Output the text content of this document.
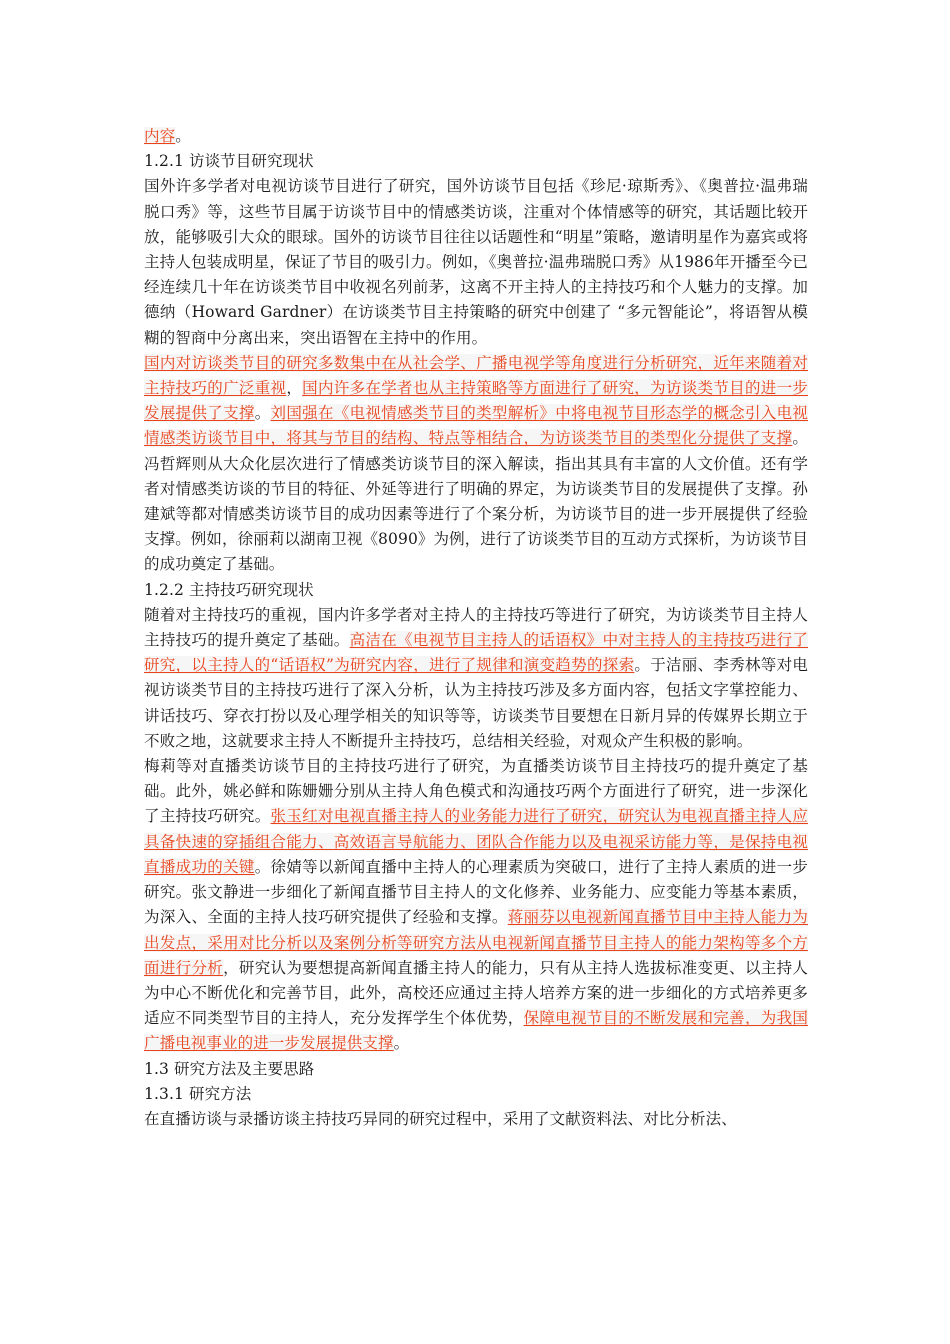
内容。

1.2.1 访谈节目研究现状

国外许多学者对电视访谈节目进行了研究，国外访谈节目包括《珍尼·琼斯秀》、《奥普拉·温弗瑞脱口秀》等，这些节目属于访谈节目中的情感类访谈，注重对个体情感等的研究，其话题比较开放，能够吸引大众的眼球。国外的访谈节目往往以话题性和“明星”策略，邀请明星作为嘉宾或将主持人包装成明星，保证了节目的吸引力。例如，《奥普拉·温弗瑞脱口秀》从1986年开播至今已经连续几十年在访谈类节目中收视名列前茅，这离不开主持人的主持技巧和个人魅力的支撑。加德纳（Howard Gardner）在访谈类节目主持策略的研究中创建了 “多元智能论”，将语智从模糊的智商中分离出来，突出语智在主持中的作用。

国内对访谈类节目的研究多数集中在从社会学、广播电视学等角度进行分析研究，近年来随着对主持技巧的广泛重视，国内许多在学者也从主持策略等方面进行了研究，为访谈类节目的进一步发展提供了支撑。刘国强在《电视情感类节目的类型解析》中将电视节目形态学的概念引入电视情感类访谈节目中，将其与节目的结构、特点等相结合，为访谈类节目的类型化分提供了支撑。冯哲辉则从大众化层次进行了情感类访谈节目的深入解读，指出其具有丰富的人文价值。还有学者对情感类访谈的节目的特征、外延等进行了明确的界定，为访谈类节目的发展提供了支撑。孙建斌等都对情感类访谈节目的成功因素等进行了个案分析，为访谈节目的进一步开展提供了经验支撑。例如，徐丽莉以湖南卫视《8090》为例，进行了访谈类节目的互动方式探析，为访谈节目的成功奠定了基础。

1.2.2 主持技巧研究现状

随着对主持技巧的重视，国内许多学者对主持人的主持技巧等进行了研究，为访谈类节目主持人主持技巧的提升奠定了基础。高洁在《电视节目主持人的话语权》中对主持人的主持技巧进行了研究，以主持人的“话语权”为研究内容，进行了规律和演变趋势的探索。于洁丽、李秀林等对电视访谈类节目的主持技巧进行了深入分析，认为主持技巧涉及多方面内容，包括文字掌控能力、讲话技巧、穿衣打扮以及心理学相关的知识等等，访谈类节目要想在日新月异的传媒界长期立于不败之地，这就要求主持人不断提升主持技巧，总结相关经验，对观众产生积极的影响。

梅莉等对直播类访谈节目的主持技巧进行了研究，为直播类访谈节目主持技巧的提升奠定了基础。此外，姚必鲜和陈姗姗分别从主持人角色模式和沟通技巧两个方面进行了研究，进一步深化了主持技巧研究。张玉红对电视直播主持人的业务能力进行了研究，研究认为电视直播主持人应具备快速的穿插组合能力、高效语言导航能力、团队合作能力以及电视采访能力等，是保持电视直播成功的关键。徐婧等以新闻直播中主持人的心理素质为突破口，进行了主持人素质的进一步研究。张文静进一步细化了新闻直播节目主持人的文化修养、业务能力、应变能力等基本素质，为深入、全面的主持人技巧研究提供了经验和支撑。蒋丽芬以电视新闻直播节目中主持人能力为出发点，采用对比分析以及案例分析等研究方法从电视新闻直播节目主持人的能力架构等多个方面进行分析，研究认为要想提高新闻直播主持人的能力，只有从主持人选拔标准变更、以主持人为中心不断优化和完善节目，此外，高校还应通过主持人培养方案的进一步细化的方式培养更多适应不同类型节目的主持人，充分发挥学生个体优势，保障电视节目的不断发展和完善，为我国广播电视事业的进一步发展提供支撑。

1.3 研究方法及主要思路
1.3.1 研究方法

在直播访谈与录播访谈主持技巧异同的研究过程中，采用了文献资料法、对比分析法、
